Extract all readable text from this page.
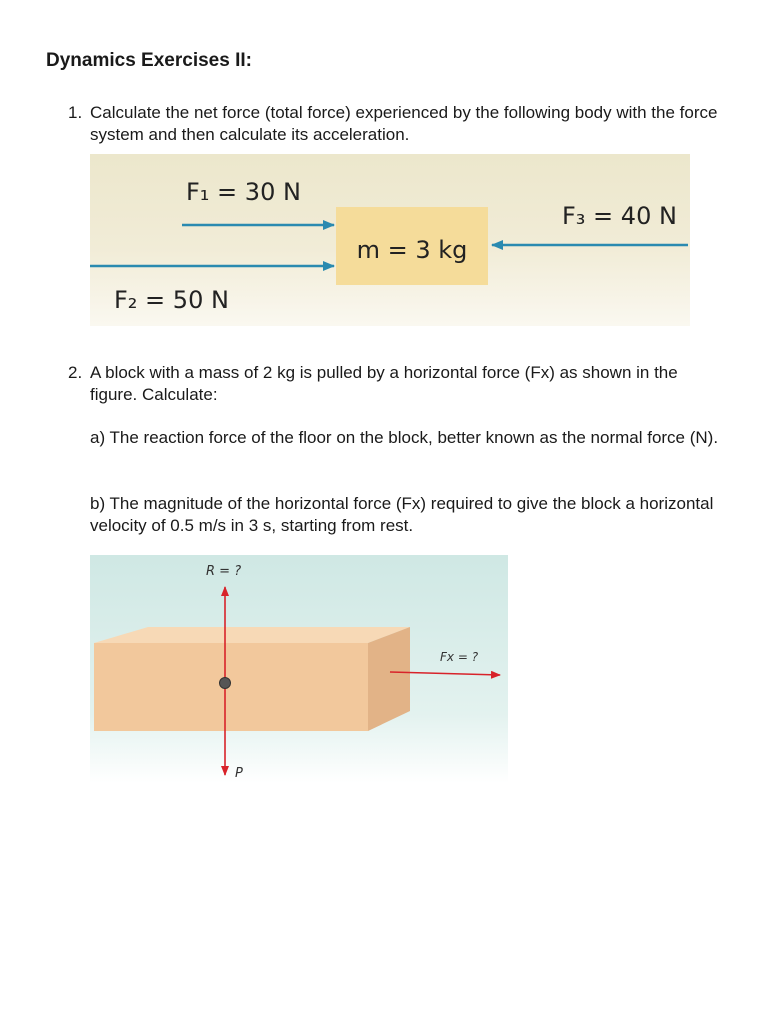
Dynamics Exercises II:
1. Calculate the net force (total force) experienced by the following body with the force system and then calculate its acceleration.
F₁ = 30 N
F₂ = 50 N
F₃ = 40 N
m = 3 kg
2. A block with a mass of 2 kg is pulled by a horizontal force (Fx) as shown in the figure. Calculate:

a) The reaction force of the floor on the block, better known as the normal force (N).

b) The magnitude of the horizontal force (Fx) required to give the block a horizontal velocity of 0.5 m/s in 3 s, starting from rest.

R = ?
Fx = ?
P
